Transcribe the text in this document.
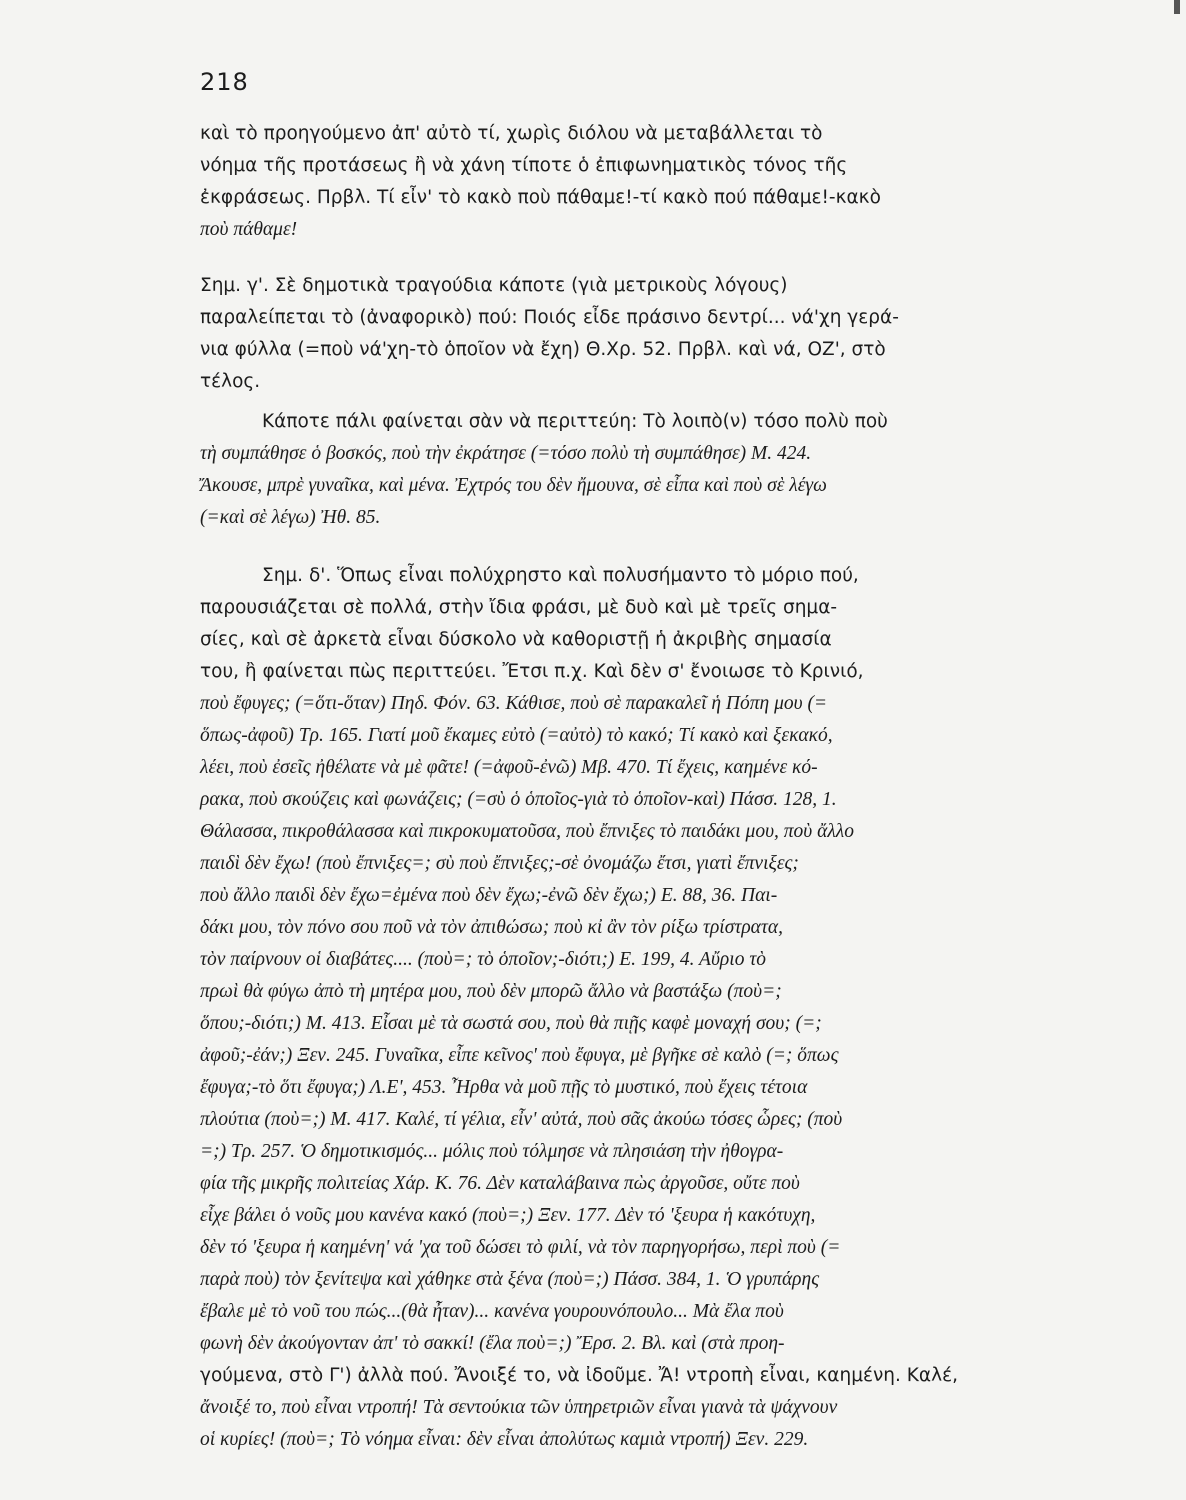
218
καὶ τὸ προηγούμενο ἀπ' αὐτὸ τί, χωρὶς διόλου νὰ μεταβάλλεται τὸ
νόημα τῆς προτάσεως ἢ νὰ χάνη τίποτε ὁ ἐπιφωνηματικὸς τόνος τῆς
ἐκφράσεως. Πρβλ. Τί εἶν' τὸ κακὸ ποὺ πάθαμε!-τί κακὸ πού πάθαμε!-κακὸ
ποὺ πάθαμε!
Σημ. γ'. Σὲ δημοτικὰ τραγούδια κάποτε (γιὰ μετρικοὺς λόγους)
παραλείπεται τὸ (ἀναφορικὸ) πού: Ποιός εἶδε πράσινο δεντρί... νά'χη γερά-
νια φύλλα (=ποὺ νά'χη-τὸ ὁποῖον νὰ ἔχη) Θ.Χρ. 52. Πρβλ. καὶ νά, ΟΖ', στὸ
τέλος.
Κάποτε πάλι φαίνεται σὰν νὰ περιττεύη: Τὸ λοιπὸ(ν) τόσο πολὺ ποὺ
τὴ συμπάθησε ὁ βοσκός, ποὺ τὴν ἐκράτησε (=τόσο πολὺ τὴ συμπάθησε) Μ. 424.
Ἄκουσε, μπρὲ γυναῖκα, καὶ μένα. Ἐχτρός του δὲν ἤμουνα, σὲ εἶπα καὶ ποὺ σὲ λέγω
(=καὶ σὲ λέγω) Ἠθ. 85.
Σημ. δ'. Ὅπως εἶναι πολύχρηστο καὶ πολυσήμαντο τὸ μόριο πού,
παρουσιάζεται σὲ πολλά, στὴν ἴδια φράσι, μὲ δυὸ καὶ μὲ τρεῖς σημα-
σίες, καὶ σὲ ἀρκετὰ εἶναι δύσκολο νὰ καθοριστῇ ἡ ἀκριβὴς σημασία
του, ἢ φαίνεται πὼς περιττεύει. Ἔτσι π.χ. Καὶ δὲν σ' ἔνοιωσε τὸ Κρινιό,
ποὺ ἔφυγες; (=ὅτι-ὅταν) Πηδ. Φόν. 63. Κάθισε, ποὺ σὲ παρακαλεῖ ἡ Πόπη μου (=
ὅπως-ἀφοῦ) Τρ. 165. Γιατί μοῦ ἔκαμες εὐτὸ (=αὐτὸ) τὸ κακό; Τί κακὸ καὶ ξεκακό,
λέει, ποὺ ἐσεῖς ἠθέλατε νὰ μὲ φᾶτε! (=ἀφοῦ-ἐνῶ) Μβ. 470. Τί ἔχεις, καημένε κό-
ρακα, ποὺ σκούζεις καὶ φωνάζεις; (=σὺ ὁ ὁποῖος-γιὰ τὸ ὁποῖον-καὶ) Πάσσ. 128, 1.
Θάλασσα, πικροθάλασσα καὶ πικροκυματοῦσα, ποὺ ἔπνιξες τὸ παιδάκι μου, ποὺ ἄλλο
παιδὶ δὲν ἔχω! (ποὺ ἔπνιξες=; σὺ ποὺ ἔπνιξες;-σὲ ὀνομάζω ἔτσι, γιατὶ ἔπνιξες;
ποὺ ἄλλο παιδὶ δὲν ἔχω=ἐμένα ποὺ δὲν ἔχω;-ἐνῶ δὲν ἔχω;) Ε. 88, 36. Παι-
δάκι μου, τὸν πόνο σου ποῦ νὰ τὸν ἀπιθώσω; ποὺ κἰ ἂν τὸν ρίξω τρίστρατα,
τὸν παίρνουν οἱ διαβάτες.... (ποὺ=; τὸ ὁποῖον;-διότι;) Ε. 199, 4. Αὔριο τὸ
πρωὶ θὰ φύγω ἀπὸ τὴ μητέρα μου, ποὺ δὲν μπορῶ ἄλλο νὰ βαστάξω (ποὺ=;
ὅπου;-διότι;) Μ. 413. Εἶσαι μὲ τὰ σωστά σου, ποὺ θὰ πιῇς καφὲ μοναχή σου; (=;
ἀφοῦ;-ἐάν;) Ξεν. 245. Γυναῖκα, εἶπε κεῖνος' ποὺ ἔφυγα, μὲ βγῆκε σὲ καλὸ (=; ὅπως
ἔφυγα;-τὸ ὅτι ἔφυγα;) Λ.Ε', 453. Ἦρθα νὰ μοῦ πῇς τὸ μυστικό, ποὺ ἔχεις τέτοια
πλούτια (ποὺ=;) Μ. 417. Καλέ, τί γέλια, εἶν' αὐτά, ποὺ σᾶς ἀκούω τόσες ὧρες; (ποὺ
=;) Τρ. 257. Ὁ δημοτικισμός... μόλις ποὺ τόλμησε νὰ πλησιάση τὴν ἠθογρα-
φία τῆς μικρῆς πολιτείας Χάρ. Κ. 76. Δὲν καταλάβαινα πὼς ἀργοῦσε, οὔτε ποὺ
εἶχε βάλει ὁ νοῦς μου κανένα κακό (ποὺ=;) Ξεν. 177. Δὲν τό 'ξευρα ἡ κακότυχη,
δὲν τό 'ξευρα ἡ καημένη' νά 'χα τοῦ δώσει τὸ φιλί, νὰ τὸν παρηγορήσω, περὶ ποὺ (=
παρὰ ποὺ) τὸν ξενίτεψα καὶ χάθηκε στὰ ξένα (ποὺ=;) Πάσσ. 384, 1. Ὁ γρυπάρης
ἔβαλε μὲ τὸ νοῦ του πώς...(θὰ ἦταν)... κανένα γουρουνόπουλο... Μὰ ἔλα ποὺ
φωνὴ δὲν ἀκούγονταν ἀπ' τὸ σακκί! (ἔλα ποὺ=;) Ἔρσ. 2. Βλ. καὶ (στὰ προη-
γούμενα, στὸ Γ') ἀλλὰ πού. Ἄνοιξέ το, νὰ ἰδοῦμε. Ἄ! ντροπὴ εἶναι, καημένη. Καλέ,
ἄνοιξέ το, ποὺ εἶναι ντροπή! Τὰ σεντούκια τῶν ὑπηρετριῶν εἶναι γιανὰ τὰ ψάχνουν
οἱ κυρίες! (ποὺ=; Τὸ νόημα εἶναι: δὲν εἶναι ἀπολύτως καμιὰ ντροπή) Ξεν. 229.
